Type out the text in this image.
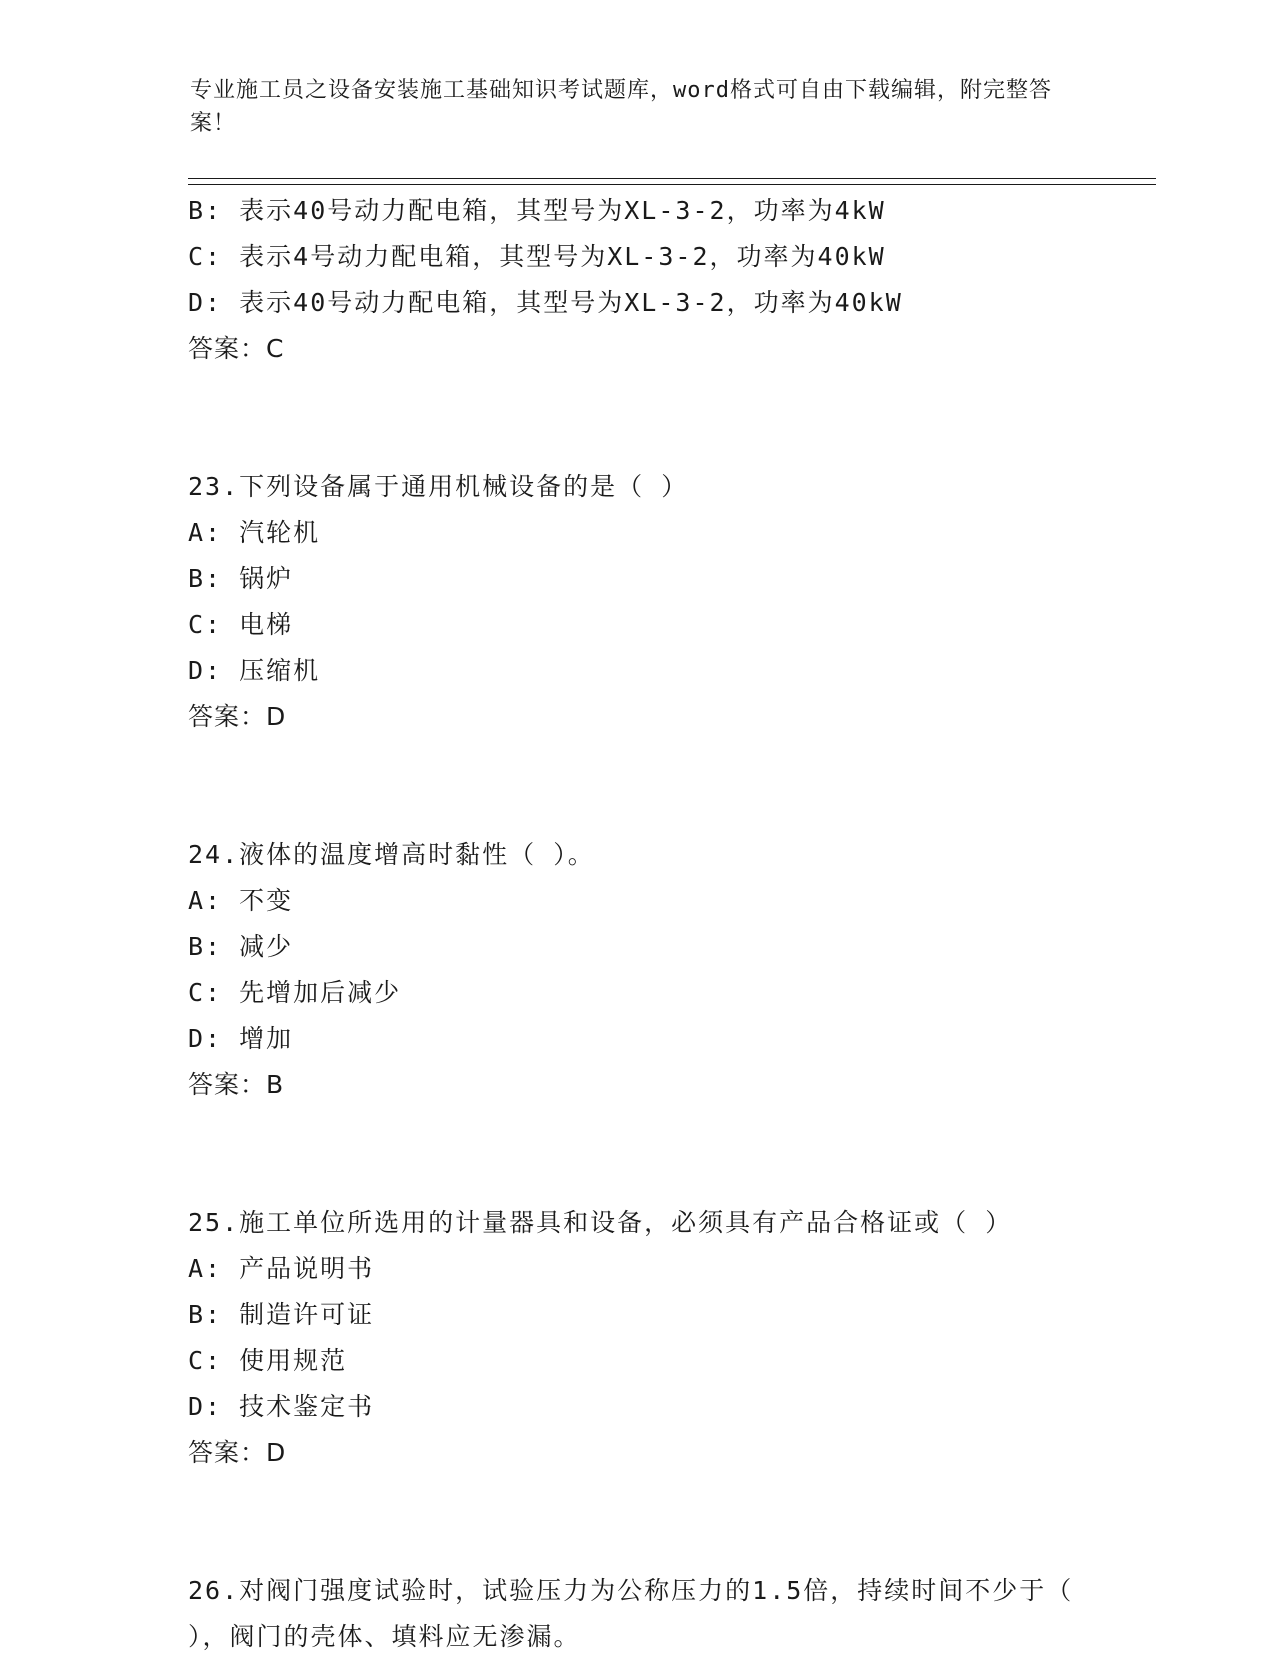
专业施工员之设备安装施工基础知识考试题库，word格式可自由下载编辑，附完整答案！
B: 表示40号动力配电箱，其型号为XL-3-2，功率为4kW
C: 表示4号动力配电箱，其型号为XL-3-2，功率为40kW
D: 表示40号动力配电箱，其型号为XL-3-2，功率为40kW
答案：C
23.下列设备属于通用机械设备的是（ ）
A: 汽轮机
B: 锅炉
C: 电梯
D: 压缩机
答案：D
24.液体的温度增高时黏性（ ）。
A: 不变
B: 减少
C: 先增加后减少
D: 增加
答案：B
25.施工单位所选用的计量器具和设备，必须具有产品合格证或（ ）
A: 产品说明书
B: 制造许可证
C: 使用规范
D: 技术鉴定书
答案：D
26.对阀门强度试验时，试验压力为公称压力的1.5倍，持续时间不少于（ ），阀门的壳体、填料应无渗漏。
